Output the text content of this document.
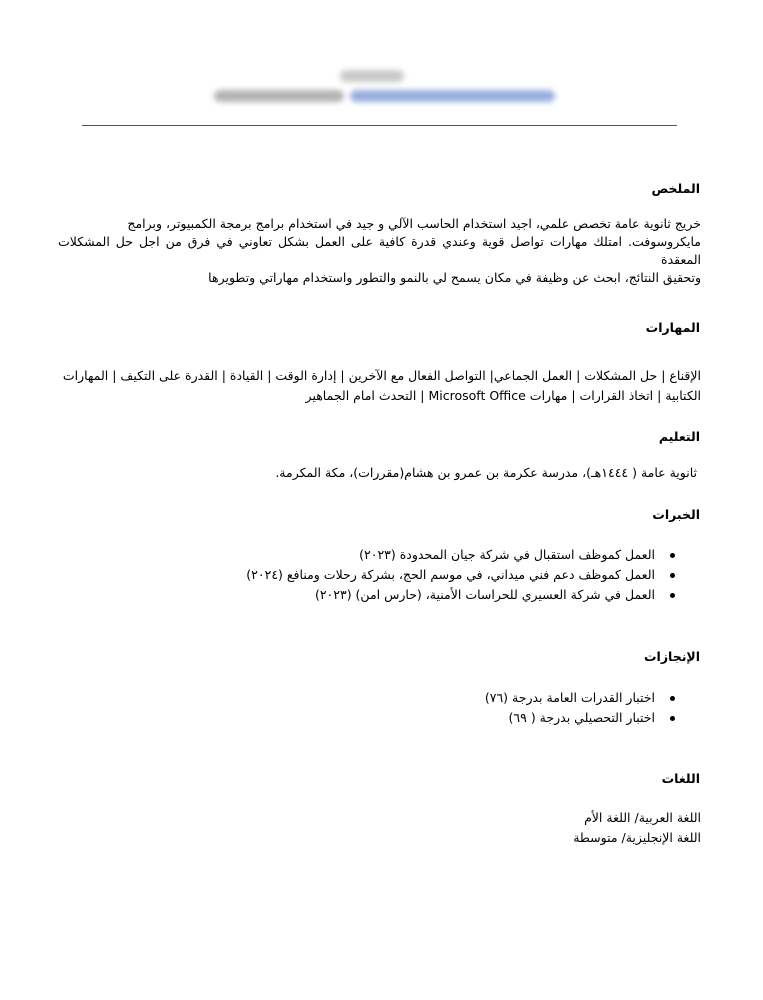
الملخص
خريج ثانوية عامة تخصص علمي، اجيد استخدام الحاسب الآلي و جيد في استخدام برامج برمجة الكمبيوتر، وبرامج
مايكروسوفت. امتلك مهارات تواصل قوية وعندي قدرة كافية على العمل بشكل تعاوني في فرق من اجل حل المشكلات المعقدة
وتحقيق النتائج، ابحث عن وظيفة في مكان يسمح لي بالنمو والتطور واستخدام مهاراتي وتطويرها
المهارات
الإقناع | حل المشكلات | العمل الجماعي| التواصل الفعال مع الآخرين | إدارة الوقت | القيادة | القدرة على التكيف | المهارات
الكتابية | اتخاذ القرارات | مهارات Microsoft Office | التحدث امام الجماهير
التعليم
ثانوية عامة ( ١٤٤٤هـ)، مدرسة عكرمة بن عمرو بن هشام(مقررات)، مكة المكرمة.
الخبرات
العمل كموظف استقبال في شركة جيان المحدودة (٢٠٢٣)
العمل كموظف دعم فني ميداني، في موسم الحج، بشركة رحلات ومنافع (٢٠٢٤)
العمل في شركة العسيري للحراسات الأمنية، (حارس امن) (٢٠٢٣)
الإنجازات
اختبار القدرات العامة بدرجة (٧٦)
اختبار التحصيلي بدرجة ( ٦٩)
اللغات
اللغة العربية/ اللغة الأم
اللغة الإنجليزية/ متوسطة
